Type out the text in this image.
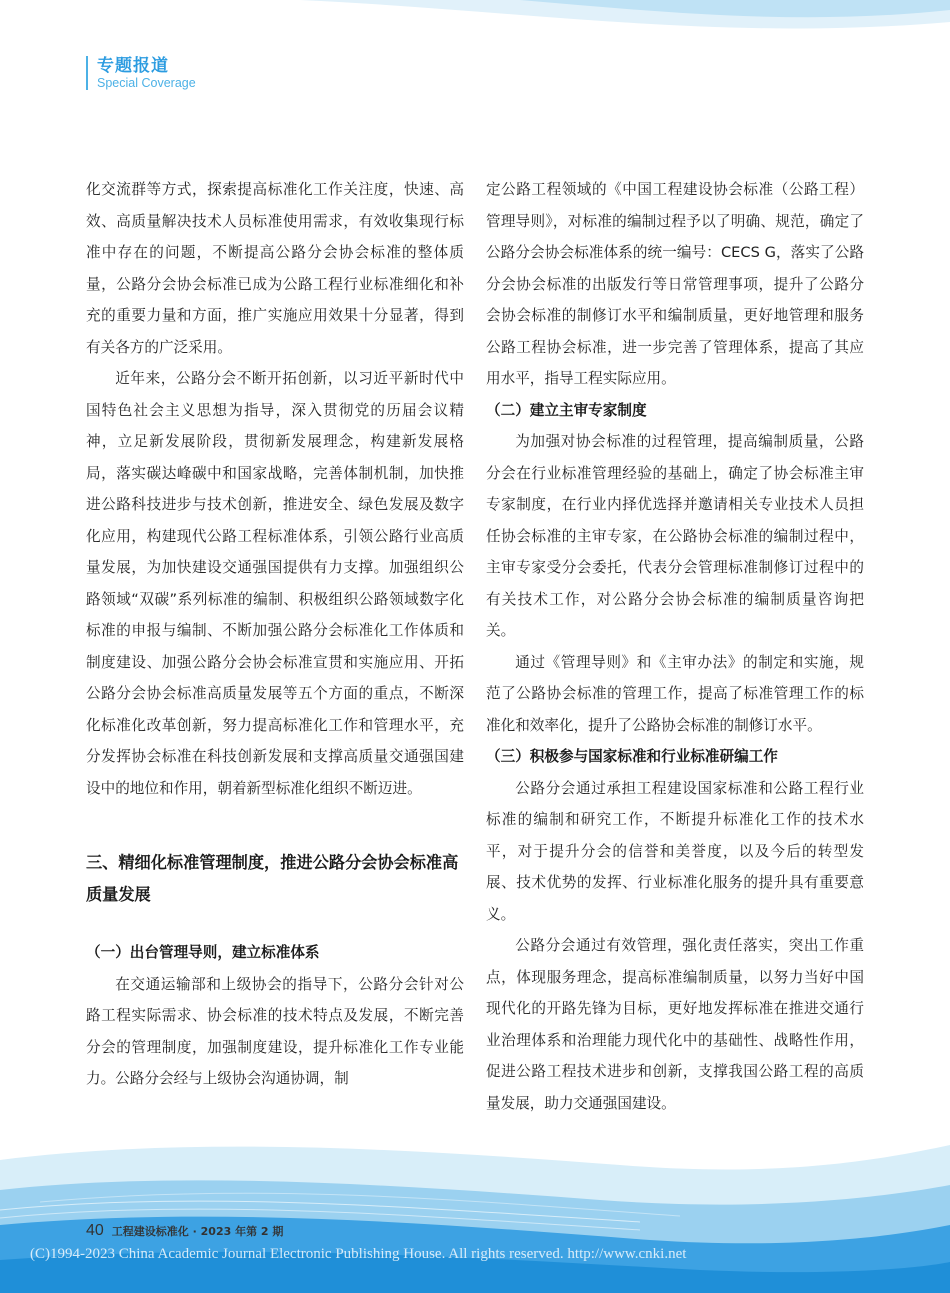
专题报道
Special Coverage

化交流群等方式，探索提高标准化工作关注度，快速、高效、高质量解决技术人员标准使用需求，有效收集现行标准中存在的问题，不断提高公路分会协会标准的整体质量，公路分会协会标准已成为公路工程行业标准细化和补充的重要力量和方面，推广实施应用效果十分显著，得到有关各方的广泛采用。

近年来，公路分会不断开拓创新，以习近平新时代中国特色社会主义思想为指导，深入贯彻党的历届会议精神，立足新发展阶段，贯彻新发展理念，构建新发展格局，落实碳达峰碳中和国家战略，完善体制机制，加快推进公路科技进步与技术创新，推进安全、绿色发展及数字化应用，构建现代公路工程标准体系，引领公路行业高质量发展，为加快建设交通强国提供有力支撑。加强组织公路领域“双碳”系列标准的编制、积极组织公路领域数字化标准的申报与编制、不断加强公路分会标准化工作体质和制度建设、加强公路分会协会标准宣贯和实施应用、开拓公路分会协会标准高质量发展等五个方面的重点，不断深化标准化改革创新，努力提高标准化工作和管理水平，充分发挥协会标准在科技创新发展和支撑高质量交通强国建设中的地位和作用，朝着新型标准化组织不断迈进。

三、精细化标准管理制度，推进公路分会协会标准高质量发展
（一）出台管理导则，建立标准体系

在交通运输部和上级协会的指导下，公路分会针对公路工程实际需求、协会标准的技术特点及发展，不断完善分会的管理制度，加强制度建设，提升标准化工作专业能力。公路分会经与上级协会沟通协调，制

定公路工程领域的《中国工程建设协会标准（公路工程）管理导则》，对标准的编制过程予以了明确、规范，确定了公路分会协会标准体系的统一编号：CECS G，落实了公路分会协会标准的出版发行等日常管理事项，提升了公路分会协会标准的制修订水平和编制质量，更好地管理和服务公路工程协会标准，进一步完善了管理体系，提高了其应用水平，指导工程实际应用。

（二）建立主审专家制度

为加强对协会标准的过程管理，提高编制质量，公路分会在行业标准管理经验的基础上，确定了协会标准主审专家制度，在行业内择优选择并邀请相关专业技术人员担任协会标准的主审专家，在公路协会标准的编制过程中，主审专家受分会委托，代表分会管理标准制修订过程中的有关技术工作，对公路分会协会标准的编制质量咨询把关。

通过《管理导则》和《主审办法》的制定和实施，规范了公路协会标准的管理工作，提高了标准管理工作的标准化和效率化，提升了公路协会标准的制修订水平。

（三）积极参与国家标准和行业标准研编工作

公路分会通过承担工程建设国家标准和公路工程行业标准的编制和研究工作，不断提升标准化工作的技术水平，对于提升分会的信誉和美誉度，以及今后的转型发展、技术优势的发挥、行业标准化服务的提升具有重要意义。

公路分会通过有效管理，强化责任落实，突出工作重点，体现服务理念，提高标准编制质量，以努力当好中国现代化的开路先锋为目标，更好地发挥标准在推进交通行业治理体系和治理能力现代化中的基础性、战略性作用，促进公路工程技术进步和创新，支撑我国公路工程的高质量发展，助力交通强国建设。

40 工程建设标准化 · 2023 年第 2 期
(C)1994-2023 China Academic Journal Electronic Publishing House. All rights reserved. http://www.cnki.net
